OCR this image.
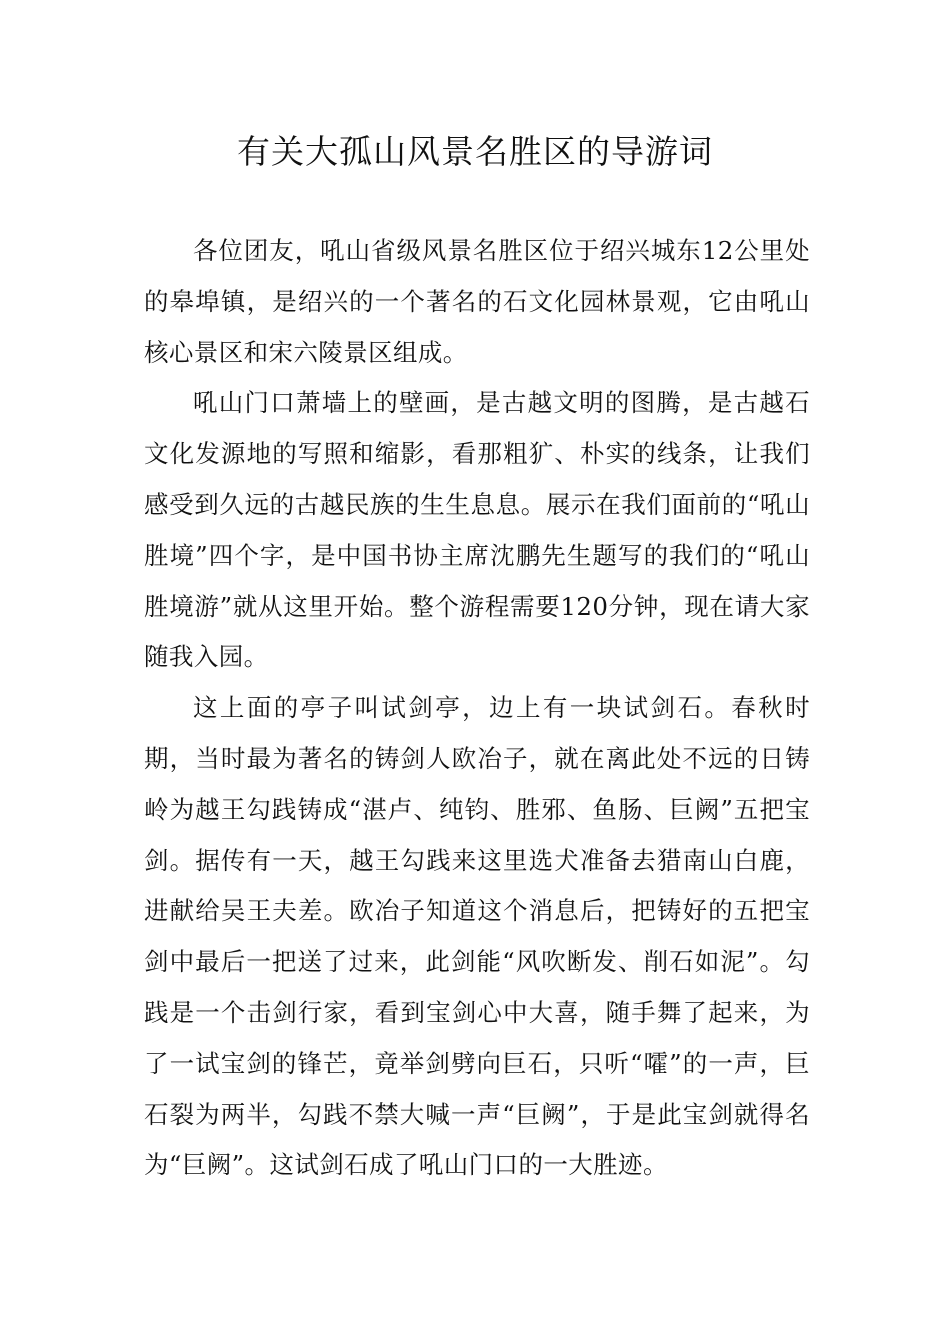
有关大孤山风景名胜区的导游词

各位团友，吼山省级风景名胜区位于绍兴城东12公里处的皋埠镇，是绍兴的一个著名的石文化园林景观，它由吼山核心景区和宋六陵景区组成。

吼山门口萧墙上的壁画，是古越文明的图腾，是古越石文化发源地的写照和缩影，看那粗犷、朴实的线条，让我们感受到久远的古越民族的生生息息。展示在我们面前的“吼山胜境”四个字，是中国书协主席沈鹏先生题写的我们的“吼山胜境游”就从这里开始。整个游程需要120分钟，现在请大家随我入园。

这上面的亭子叫试剑亭，边上有一块试剑石。春秋时期，当时最为著名的铸剑人欧冶子，就在离此处不远的日铸岭为越王勾践铸成“湛卢、纯钧、胜邪、鱼肠、巨阙”五把宝剑。据传有一天，越王勾践来这里选犬准备去猎南山白鹿，进献给吴王夫差。欧冶子知道这个消息后，把铸好的五把宝剑中最后一把送了过来，此剑能“风吹断发、削石如泥”。勾践是一个击剑行家，看到宝剑心中大喜，随手舞了起来，为了一试宝剑的锋芒，竟举剑劈向巨石，只听“嚯”的一声，巨石裂为两半，勾践不禁大喊一声“巨阙”，于是此宝剑就得名为“巨阙”。这试剑石成了吼山门口的一大胜迹。
